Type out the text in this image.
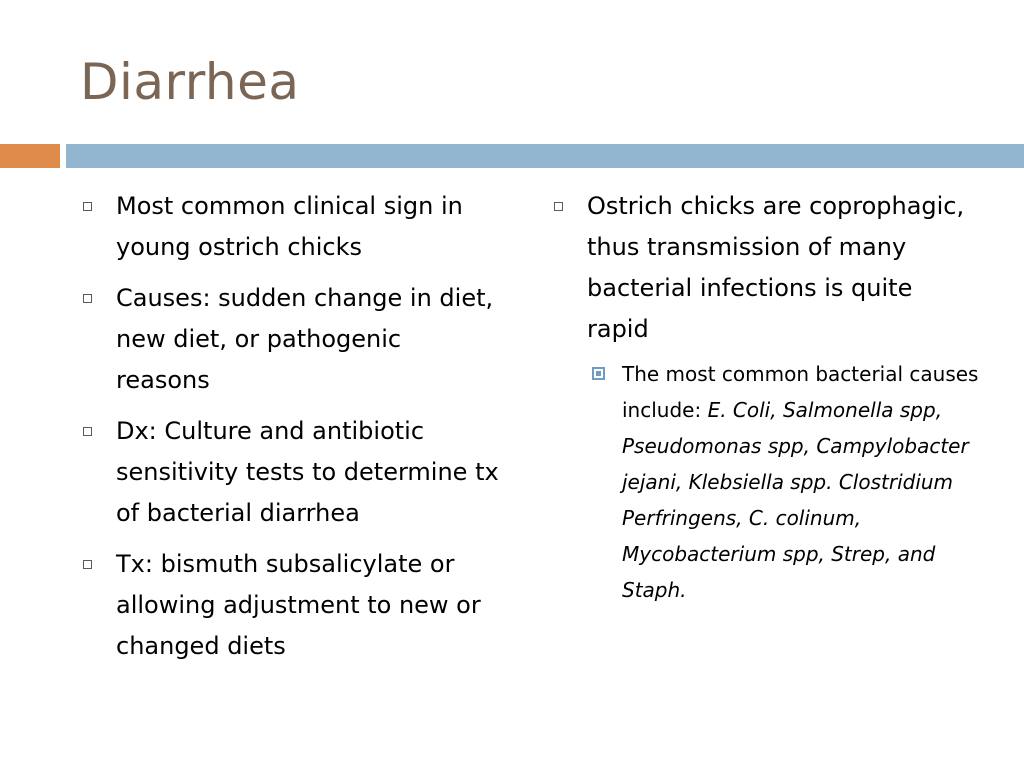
Diarrhea
Most common clinical sign in young ostrich chicks
Causes: sudden change in diet, new diet, or pathogenic reasons
Dx: Culture and antibiotic sensitivity tests to determine tx of bacterial diarrhea
Tx: bismuth subsalicylate or allowing adjustment to new or changed diets
Ostrich chicks are coprophagic, thus transmission of many bacterial infections is quite rapid
The most common bacterial causes include: E. Coli, Salmonella spp, Pseudomonas spp, Campylobacter jejani, Klebsiella spp. Clostridium Perfringens, C. colinum, Mycobacterium spp, Strep, and Staph.
